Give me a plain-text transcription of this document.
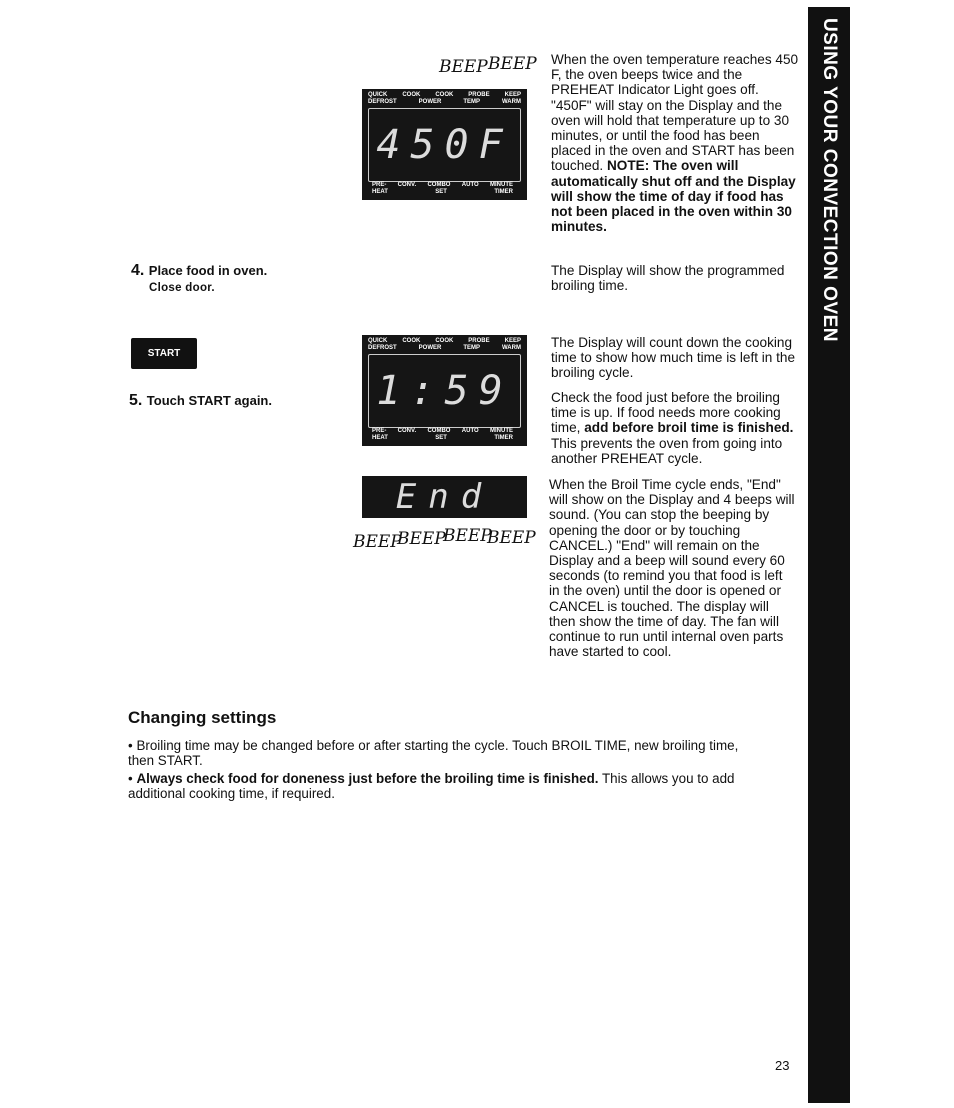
USING YOUR CONVECTION OVEN
BEEP BEEP
QUICK COOK COOK PROBE KEEP
DEFROST	POWER	TEMP	WARM
450F
PRE- CONV. COMBO AUTO MINUTE
HEAT	SET	TIMER
When the oven temperature reaches 450 F, the oven beeps twice and the PREHEAT Indicator Light goes off. "450F" will stay on the Display and the oven will hold that temperature up to 30 minutes, or until the food has been placed in the oven and START has been touched. NOTE: The oven will automatically shut off and the Display will show the time of day if food has not been placed in the oven within 30 minutes.
4. Place food in oven.
Close door.
The Display will show the programmed broiling time.
START
5. Touch START again.
QUICK COOK COOK PROBE KEEP
DEFROST	POWER	TEMP	WARM
1:59
PRE- CONV. COMBO AUTO MINUTE
HEAT	SET	TIMER
The Display will count down the cooking time to show how much time is left in the broiling cycle.
Check the food just before the broiling time is up. If food needs more cooking time, add before broil time is finished. This prevents the oven from going into another PREHEAT cycle.
End
BEEP
BEEP
BEEP
BEEP
When the Broil Time cycle ends, "End" will show on the Display and 4 beeps will sound. (You can stop the beeping by opening the door or by touching CANCEL.) "End" will remain on the Display and a beep will sound every 60 seconds (to remind you that food is left in the oven) until the door is opened or CANCEL is touched. The display will then show the time of day. The fan will continue to run until internal oven parts have started to cool.
Changing settings
• Broiling time may be changed before or after starting the cycle. Touch BROIL TIME, new broiling time, then START.
• Always check food for doneness just before the broiling time is finished. This allows you to add additional cooking time, if required.
23
